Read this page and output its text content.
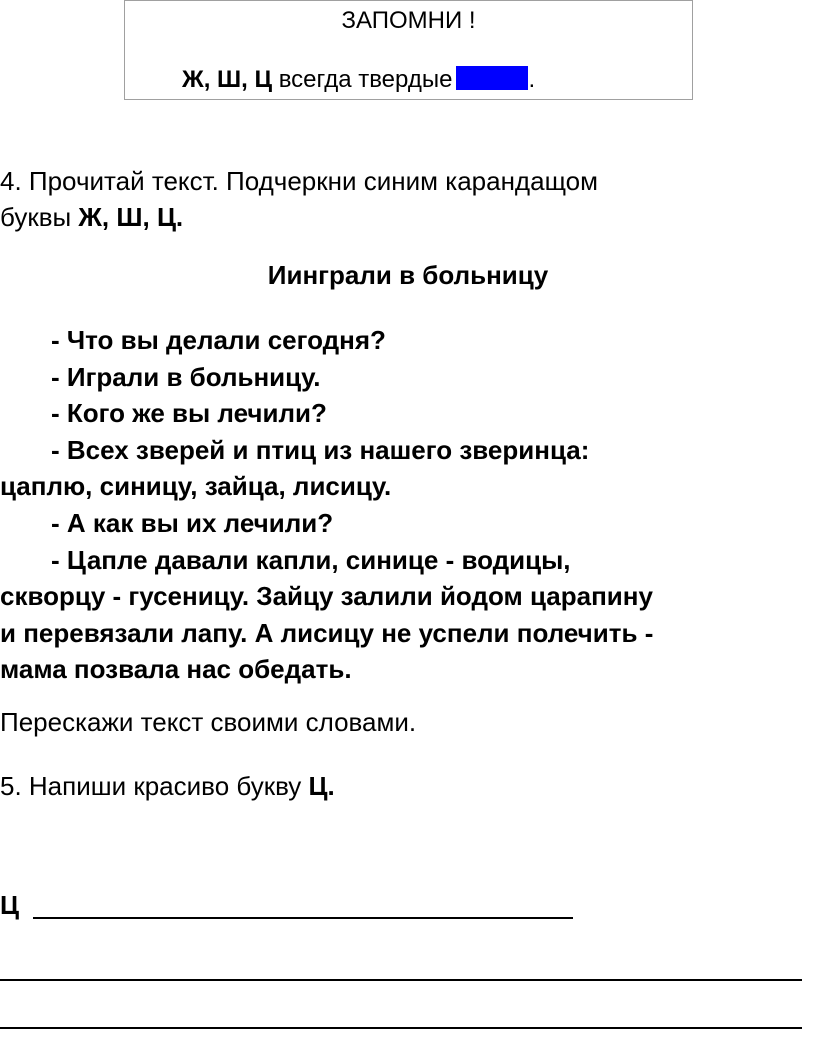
ЗАПОМНИ !
Ж, Ш, Ц всегда твердые	.
4. Прочитай текст. Подчеркни синим карандащом
буквы Ж, Ш, Ц.
Иинграли в больницу
- Что вы делали сегодня?
- Играли в больницу.
- Кого же вы лечили?
- Всех зверей и птиц из нашего зверинца:
цаплю, синицу, зайца, лисицу.
- А как вы их лечили?
- Цапле давали капли, синице - водицы,
скворцу - гусеницу. Зайцу залили йодом царапину
и перевязали лапу. А лисицу не успели полечить -
мама позвала нас обедать.
Перескажи текст своими словами.
5. Напиши красиво букву Ц.
Ц
